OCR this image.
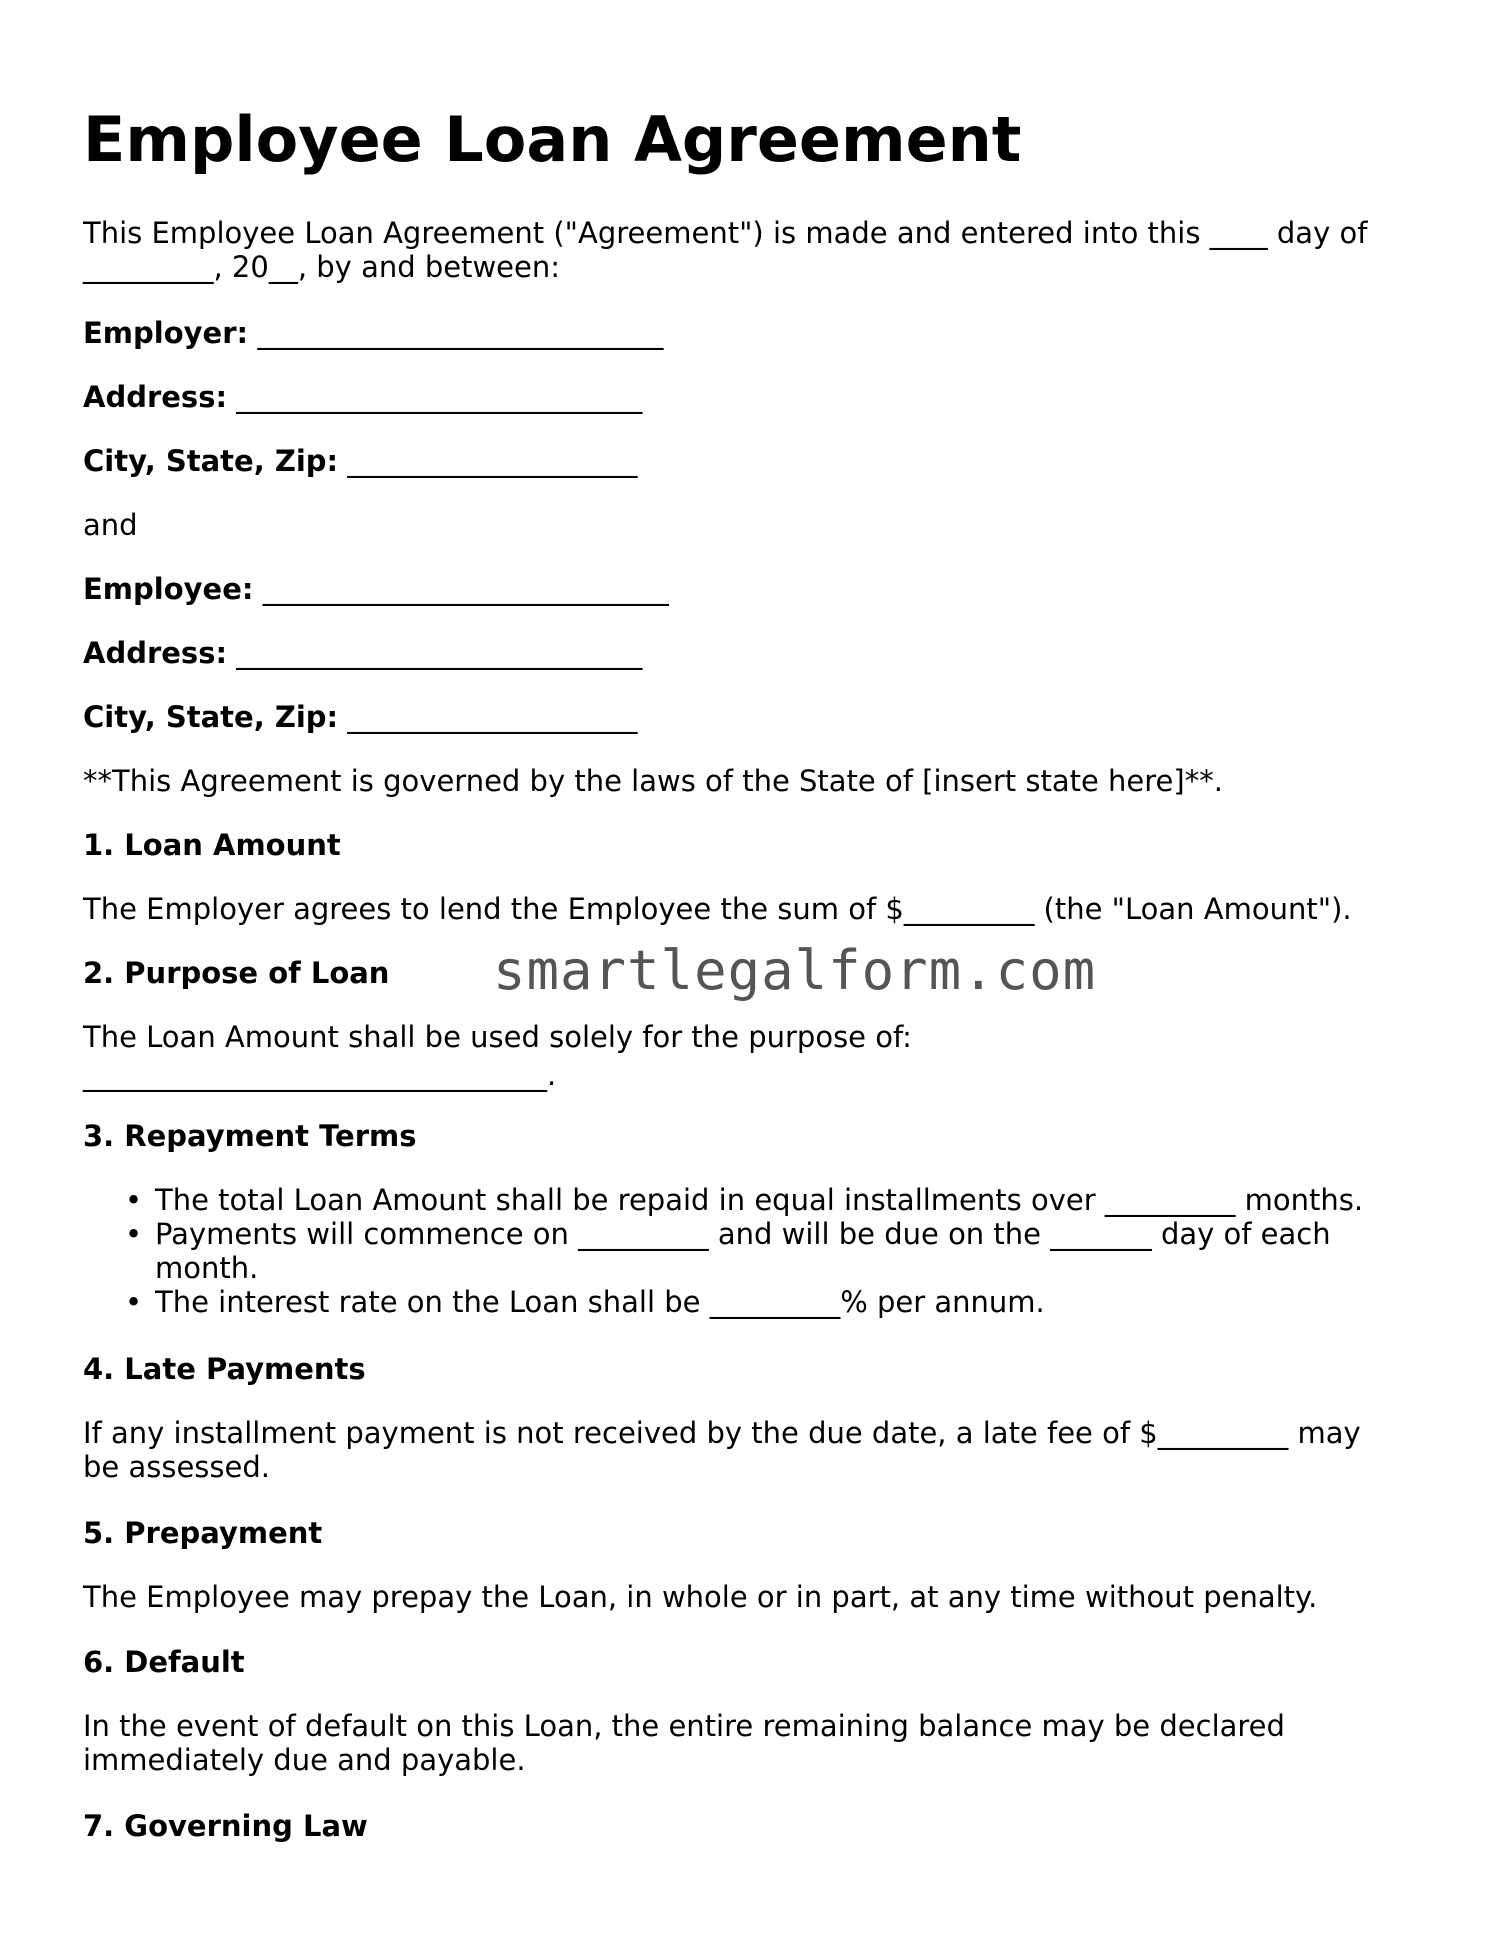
Employee Loan Agreement

This Employee Loan Agreement ("Agreement") is made and entered into this ____ day of

_________, 20__, by and between:

Employer: ____________________________

Address: ____________________________

City, State, Zip: ____________________

and

Employee: ____________________________

Address: ____________________________

City, State, Zip: ____________________

**This Agreement is governed by the laws of the State of [insert state here]**.

1. Loan Amount

The Employer agrees to lend the Employee the sum of $_________ (the "Loan Amount").

2. Purpose of Loan

The Loan Amount shall be used solely for the purpose of:

________________________________.

3. Repayment Terms
• The total Loan Amount shall be repaid in equal installments over _________ months.
• Payments will commence on _________ and will be due on the _______ day of each month.
• The interest rate on the Loan shall be _________% per annum.
4. Late Payments

If any installment payment is not received by the due date, a late fee of $_________ may

be assessed.

5. Prepayment

The Employee may prepay the Loan, in whole or in part, at any time without penalty.

6. Default

In the event of default on this Loan, the entire remaining balance may be declared

immediately due and payable.

7. Governing Law
smartlegalform.com
